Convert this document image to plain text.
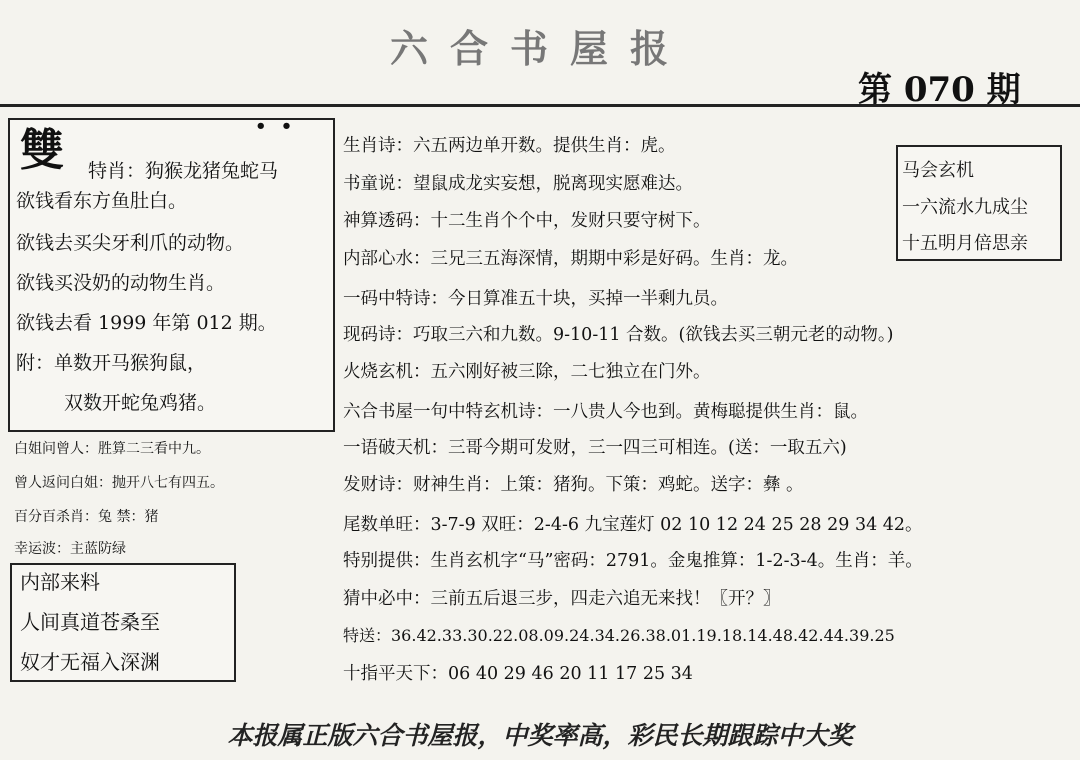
六合书屋报
第 070 期
• •
雙 特肖：狗猴龙猪兔蛇马
欲钱看东方鱼肚白。
欲钱去买尖牙利爪的动物。
欲钱买没奶的动物生肖。
欲钱去看 1999 年第 012 期。
附：单数开马猴狗鼠，
双数开蛇兔鸡猪。
白姐问曾人：胜算二三看中九。
曾人返问白姐：抛开八七有四五。
百分百杀肖：兔 禁：猪
幸运波：主蓝防绿
内部来料
人间真道苍桑至
奴才无福入深渊
生肖诗：六五两边单开数。提供生肖：虎。
书童说：望鼠成龙实妄想，脱离现实愿难达。
神算透码：十二生肖个个中，发财只要守树下。
内部心水：三兄三五海深情，期期中彩是好码。生肖：龙。
一码中特诗：今日算准五十块，买掉一半剩九员。
现码诗：巧取三六和九数。9-10-11 合数。(欲钱去买三朝元老的动物。)
火烧玄机：五六刚好被三除，二七独立在门外。
六合书屋一句中特玄机诗：一八贵人今也到。黄梅聪提供生肖：鼠。
一语破天机：三哥今期可发财，三一四三可相连。(送：一取五六)
发财诗：财神生肖：上策：猪狗。下策：鸡蛇。送字：彝 。
尾数单旺：3-7-9 双旺：2-4-6 九宝莲灯 02 10 12 24 25 28 29 34 42。
特别提供：生肖玄机字“马”密码：2791。金鬼推算：1-2-3-4。生肖：羊。
猜中必中：三前五后退三步，四走六追无来找！〖开？〗
特送：36.42.33.30.22.08.09.24.34.26.38.01.19.18.14.48.42.44.39.25
十指平天下：06 40 29 46 20 11 17 25 34
马会玄机
一六流水九成尘
十五明月倍思亲
本报属正版六合书屋报，中奖率高，彩民长期跟踪中大奖
